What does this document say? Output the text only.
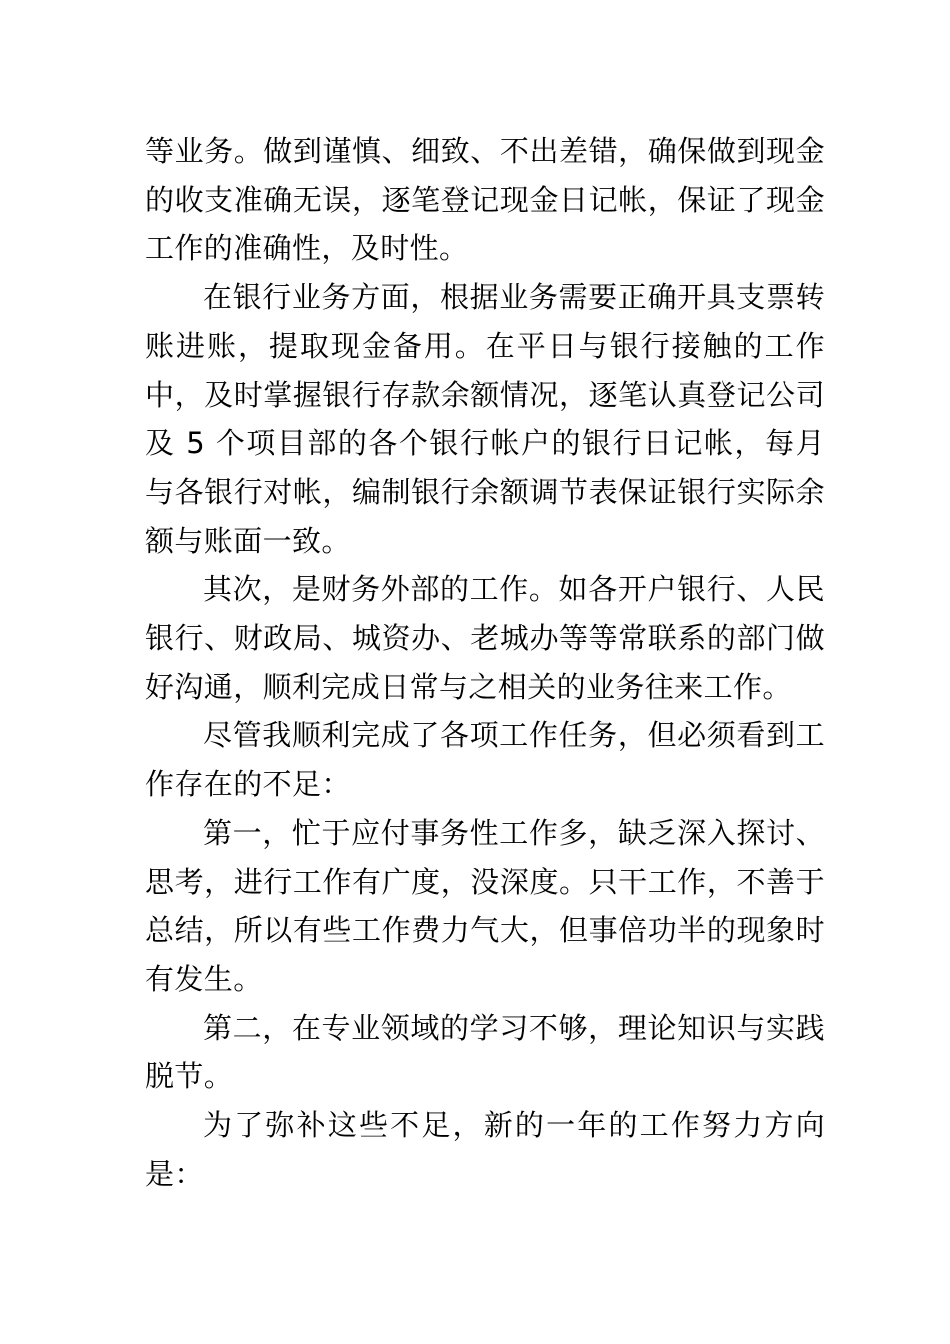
等业务。做到谨慎、细致、不出差错，确保做到现金的收支准确无误，逐笔登记现金日记帐，保证了现金工作的准确性，及时性。

在银行业务方面，根据业务需要正确开具支票转账进账，提取现金备用。在平日与银行接触的工作中，及时掌握银行存款余额情况，逐笔认真登记公司及 5 个项目部的各个银行帐户的银行日记帐，每月与各银行对帐，编制银行余额调节表保证银行实际余额与账面一致。

其次，是财务外部的工作。如各开户银行、人民银行、财政局、城资办、老城办等等常联系的部门做好沟通，顺利完成日常与之相关的业务往来工作。

尽管我顺利完成了各项工作任务，但必须看到工作存在的不足：

第一，忙于应付事务性工作多，缺乏深入探讨、思考，进行工作有广度，没深度。只干工作，不善于总结，所以有些工作费力气大，但事倍功半的现象时有发生。

第二，在专业领域的学习不够，理论知识与实践脱节。

为了弥补这些不足，新的一年的工作努力方向是：
